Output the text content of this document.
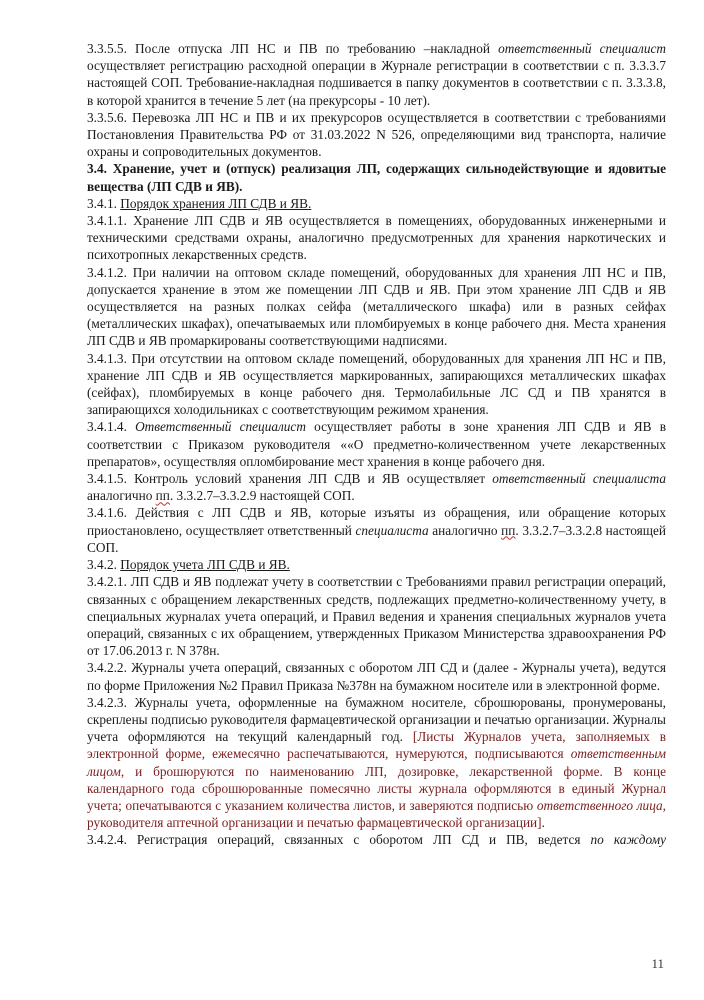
3.3.5.5. После отпуска ЛП НС и ПВ по требованию –накладной ответственный специалист осуществляет регистрацию расходной операции в Журнале регистрации в соответствии с п. 3.3.3.7 настоящей СОП. Требование-накладная подшивается в папку документов в соответствии с п. 3.3.3.8, в которой хранится в течение 5 лет (на прекурсоры - 10 лет).

3.3.5.6. Перевозка ЛП НС и ПВ и их прекурсоров осуществляется в соответствии с требованиями Постановления Правительства РФ от 31.03.2022 N 526, определяющими вид транспорта, наличие охраны и сопроводительных документов.

3.4. Хранение, учет и (отпуск) реализация ЛП, содержащих сильнодействующие и ядовитые вещества (ЛП СДВ и ЯВ).

3.4.1. Порядок хранения ЛП СДВ и ЯВ.

3.4.1.1. Хранение ЛП СДВ и ЯВ осуществляется в помещениях, оборудованных инженерными и техническими средствами охраны, аналогично предусмотренных для хранения наркотических и психотропных лекарственных средств.

3.4.1.2. При наличии на оптовом складе помещений, оборудованных для хранения ЛП НС и ПВ, допускается хранение в этом же помещении ЛП СДВ и ЯВ. При этом хранение ЛП СДВ и ЯВ осуществляется на разных полках сейфа (металлического шкафа) или в разных сейфах (металлических шкафах), опечатываемых или пломбируемых в конце рабочего дня. Места хранения ЛП СДВ и ЯВ промаркированы соответствующими надписями.

3.4.1.3. При отсутствии на оптовом складе помещений, оборудованных для хранения ЛП НС и ПВ, хранение ЛП СДВ и ЯВ осуществляется маркированных, запирающихся металлических шкафах (сейфах), пломбируемых в конце рабочего дня. Термолабильные ЛС СД и ПВ хранятся в запирающихся холодильниках с соответствующим режимом хранения.

3.4.1.4. Ответственный специалист осуществляет работы в зоне хранения ЛП СДВ и ЯВ в соответствии с Приказом руководителя ««О предметно-количественном учете лекарственных препаратов», осуществляя опломбирование мест хранения в конце рабочего дня.

3.4.1.5. Контроль условий хранения ЛП СДВ и ЯВ осуществляет ответственный специалиста аналогично пп. 3.3.2.7–3.3.2.9 настоящей СОП.

3.4.1.6. Действия с ЛП СДВ и ЯВ, которые изъяты из обращения, или обращение которых приостановлено, осуществляет ответственный специалиста аналогично пп. 3.3.2.7–3.3.2.8 настоящей СОП.

3.4.2. Порядок учета ЛП СДВ и ЯВ.

3.4.2.1. ЛП СДВ и ЯВ подлежат учету в соответствии с Требованиями правил регистрации операций, связанных с обращением лекарственных средств, подлежащих предметно-количественному учету, в специальных журналах учета операций, и Правил ведения и хранения специальных журналов учета операций, связанных с их обращением, утвержденных Приказом Министерства здравоохранения РФ от 17.06.2013 г. N 378н.

3.4.2.2. Журналы учета операций, связанных с оборотом ЛП СД и (далее - Журналы учета), ведутся по форме Приложения №2 Правил Приказа №378н на бумажном носителе или в электронной форме.

3.4.2.3. Журналы учета, оформленные на бумажном носителе, сброшюрованы, пронумерованы, скреплены подписью руководителя фармацевтической организации и печатью организации. Журналы учета оформляются на текущий календарный год. [Листы Журналов учета, заполняемых в электронной форме, ежемесячно распечатываются, нумеруются, подписываются ответственным лицом, и брошюруются по наименованию ЛП, дозировке, лекарственной форме. В конце календарного года сброшюрованные помесячно листы журнала оформляются в единый Журнал учета; опечатываются с указанием количества листов, и заверяются подписью ответственного лица, руководителя аптечной организации и печатью фармацевтической организации].

3.4.2.4. Регистрация операций, связанных с оборотом ЛП СД и ПВ, ведется по каждому

11
